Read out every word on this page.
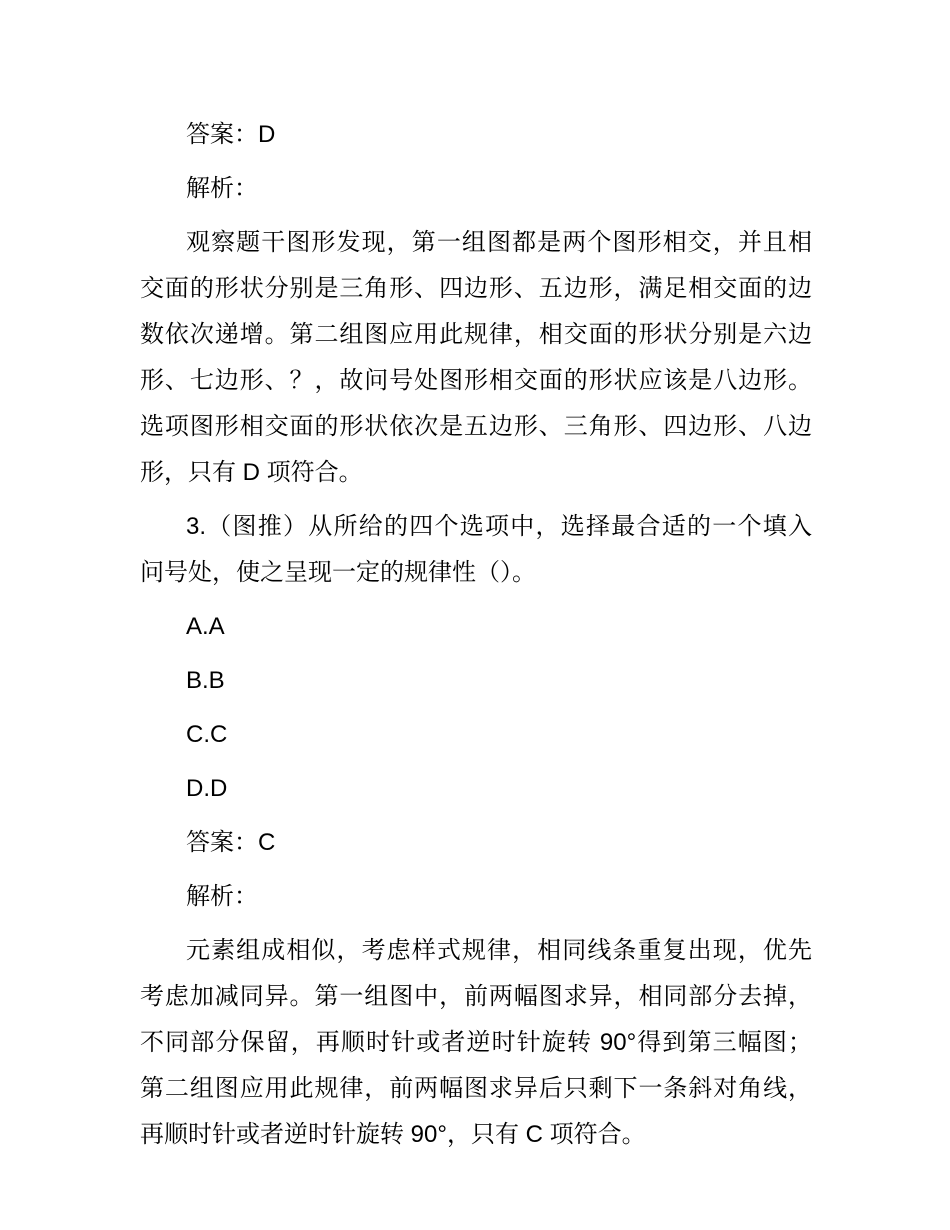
答案：D
解析：
观察题干图形发现，第一组图都是两个图形相交，并且相
交面的形状分别是三角形、四边形、五边形，满足相交面的边
数依次递增。第二组图应用此规律，相交面的形状分别是六边
形、七边形、？，故问号处图形相交面的形状应该是八边形。
选项图形相交面的形状依次是五边形、三角形、四边形、八边
形，只有 D 项符合。
3.（图推）从所给的四个选项中，选择最合适的一个填入
问号处，使之呈现一定的规律性（）。
A.A
B.B
C.C
D.D
答案：C
解析：
元素组成相似，考虑样式规律，相同线条重复出现，优先
考虑加减同异。第一组图中，前两幅图求异，相同部分去掉，
不同部分保留，再顺时针或者逆时针旋转 90°得到第三幅图；
第二组图应用此规律，前两幅图求异后只剩下一条斜对角线，
再顺时针或者逆时针旋转 90°，只有 C 项符合。
